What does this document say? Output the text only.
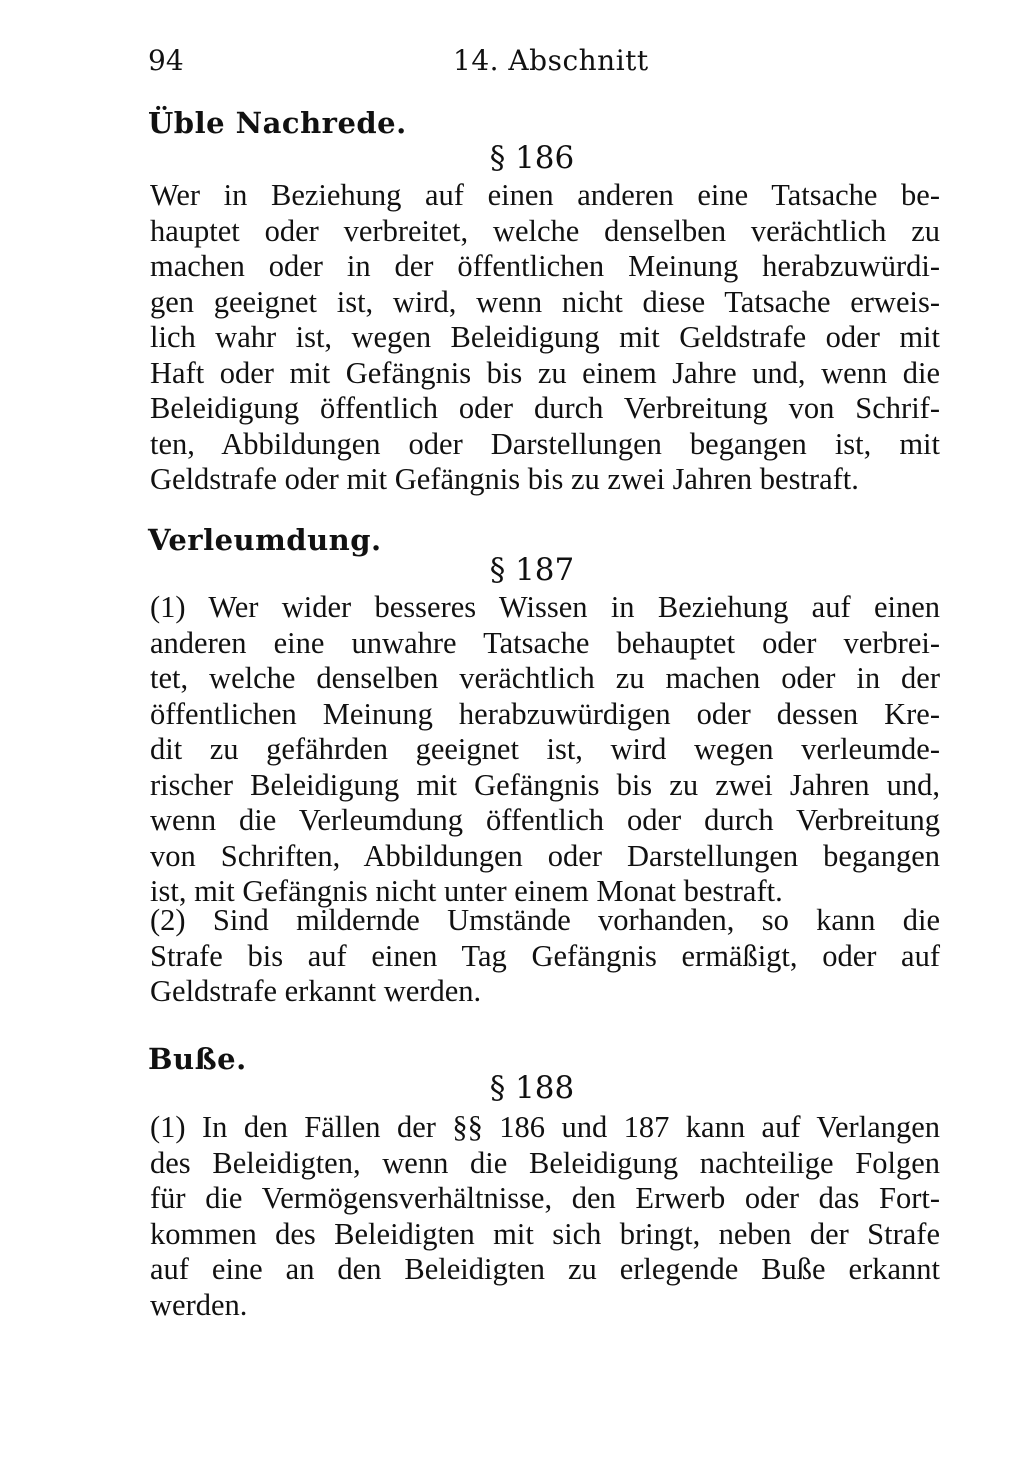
94	14. Abschnitt
Üble Nachrede.
§ 186

Wer in Beziehung auf einen anderen eine Tatsache be-
hauptet oder verbreitet, welche denselben verächtlich zu
machen oder in der öffentlichen Meinung herabzuwürdi-
gen geeignet ist, wird, wenn nicht diese Tatsache erweis-
lich wahr ist, wegen Beleidigung mit Geldstrafe oder mit
Haft oder mit Gefängnis bis zu einem Jahre und, wenn die
Beleidigung öffentlich oder durch Verbreitung von Schrif-
ten, Abbildungen oder Darstellungen begangen ist, mit
Geldstrafe oder mit Gefängnis bis zu zwei Jahren bestraft.

Verleumdung.
§ 187

(1) Wer wider besseres Wissen in Beziehung auf einen
anderen eine unwahre Tatsache behauptet oder verbrei-
tet, welche denselben verächtlich zu machen oder in der
öffentlichen Meinung herabzuwürdigen oder dessen Kre-
dit zu gefährden geeignet ist, wird wegen verleumde-
rischer Beleidigung mit Gefängnis bis zu zwei Jahren und,
wenn die Verleumdung öffentlich oder durch Verbreitung
von Schriften, Abbildungen oder Darstellungen begangen
ist, mit Gefängnis nicht unter einem Monat bestraft.

(2) Sind mildernde Umstände vorhanden, so kann die
Strafe bis auf einen Tag Gefängnis ermäßigt, oder auf
Geldstrafe erkannt werden.

Buße.
§ 188

(1) In den Fällen der §§ 186 und 187 kann auf Verlangen
des Beleidigten, wenn die Beleidigung nachteilige Folgen
für die Vermögensverhältnisse, den Erwerb oder das Fort-
kommen des Beleidigten mit sich bringt, neben der Strafe
auf eine an den Beleidigten zu erlegende Buße erkannt
werden.
